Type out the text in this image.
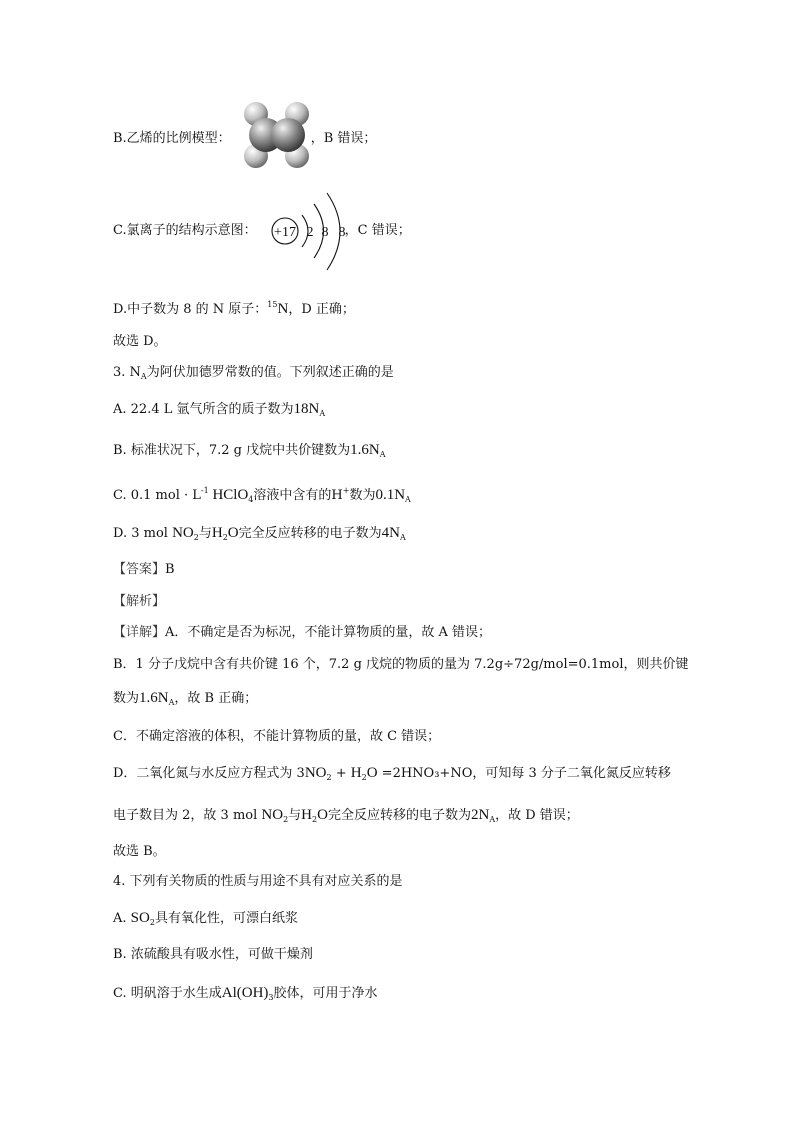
B.乙烯的比例模型：	，B 错误；
C.氯离子的结构示意图：	，C 错误；
+17 2 8 8
D.中子数为 8 的 N 原子：$^{15}$N，D 正确；
故选 D。
3. $N_A$为阿伏加德罗常数的值。下列叙述正确的是
A. 22.4 L 氩气所含的质子数为$18N_A$
B. 标准状况下，7.2 g 戊烷中共价键数为$1.6N_A$
C. 0.1 mol · $L^{-1}$ HClO$_4$溶液中含有的H+数为$0.1N_A$
D. 3 mol $NO_2$与$H_2O$完全反应转移的电子数为$4N_A$
【答案】B
【解析】
【详解】A．不确定是否为标况，不能计算物质的量，故 A 错误；
B．1 分子戊烷中含有共价键 16 个，7.2 g 戊烷的物质的量为 7.2g÷72g/mol=0.1mol，则共价键
数为$1.6N_A$，故 B 正确；
C．不确定溶液的体积，不能计算物质的量，故 C 错误；
D．二氧化氮与水反应方程式为 $3NO_2 + H_2O =2HNO_3+NO$，可知每 3 分子二氧化氮反应转移
电子数目为 2，故 3 mol $NO_2$与$H_2O$完全反应转移的电子数为$2N_A$，故 D 错误；
故选 B。
4. 下列有关物质的性质与用途不具有对应关系的是
A. $SO_2$具有氧化性，可漂白纸浆
B. 浓硫酸具有吸水性，可做干燥剂
C. 明矾溶于水生成$Al(OH)_3$胶体，可用于净水
